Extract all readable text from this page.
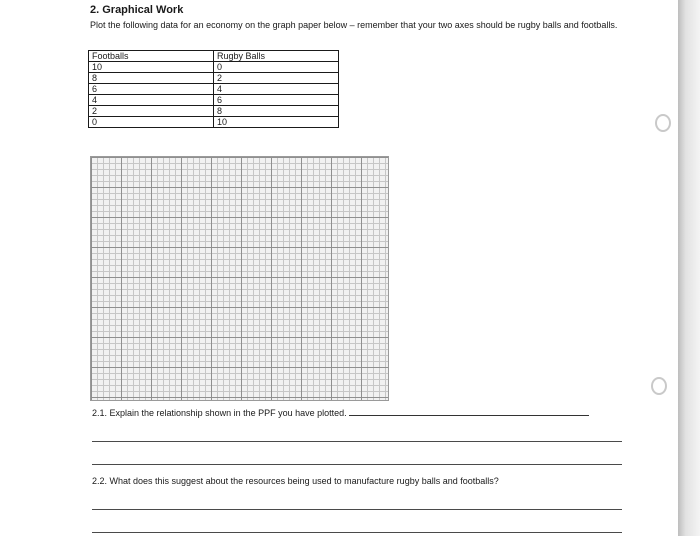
2. Graphical Work
Plot the following data for an economy on the graph paper below – remember that your two axes should be rugby balls and footballs.
Footballs	Rugby Balls
10	0
8	2
6	4
4	6
2	8
0	10
2.1. Explain the relationship shown in the PPF you have plotted.
2.2. What does this suggest about the resources being used to manufacture rugby balls and footballs?
